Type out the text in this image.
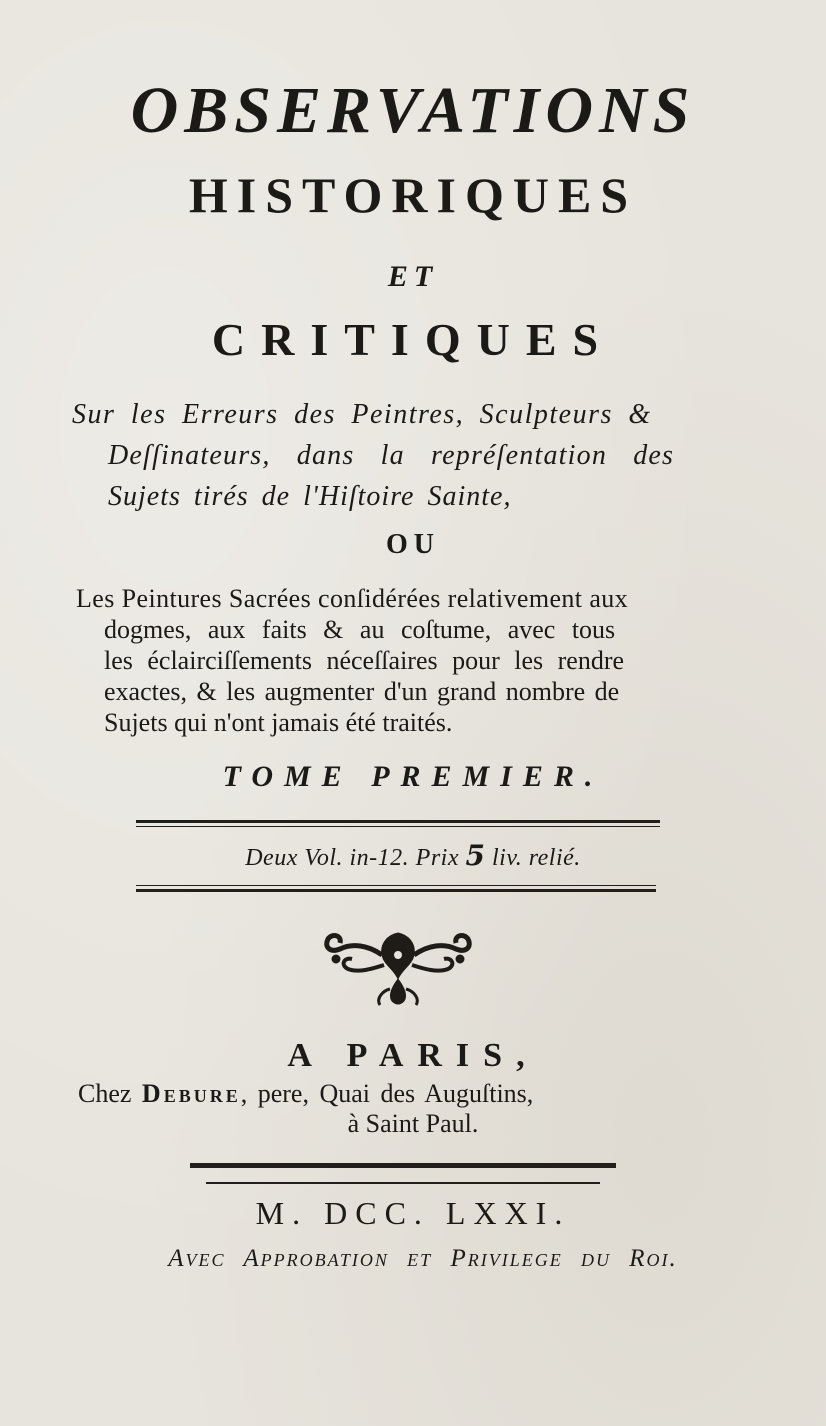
OBSERVATIONS
HISTORIQUES
ET
CRITIQUES
Sur les Erreurs des Peintres, Sculpteurs &
Deſſinateurs, dans la repréſentation des
Sujets tirés de l'Hiſtoire Sainte,
OU
Les Peintures Sacrées conſidérées relativement aux
dogmes, aux faits & au coſtume, avec tous
les éclairciſſements néceſſaires pour les rendre
exactes, & les augmenter d'un grand nombre de
Sujets qui n'ont jamais été traités.
TOME PREMIER.
Deux Vol. in-12. Prix 5 liv. relié.
A PARIS,
Chez Debure, pere, Quai des Auguſtins,
à Saint Paul.
M. DCC. LXXI.
Avec Approbation et Privilege du Roi.
